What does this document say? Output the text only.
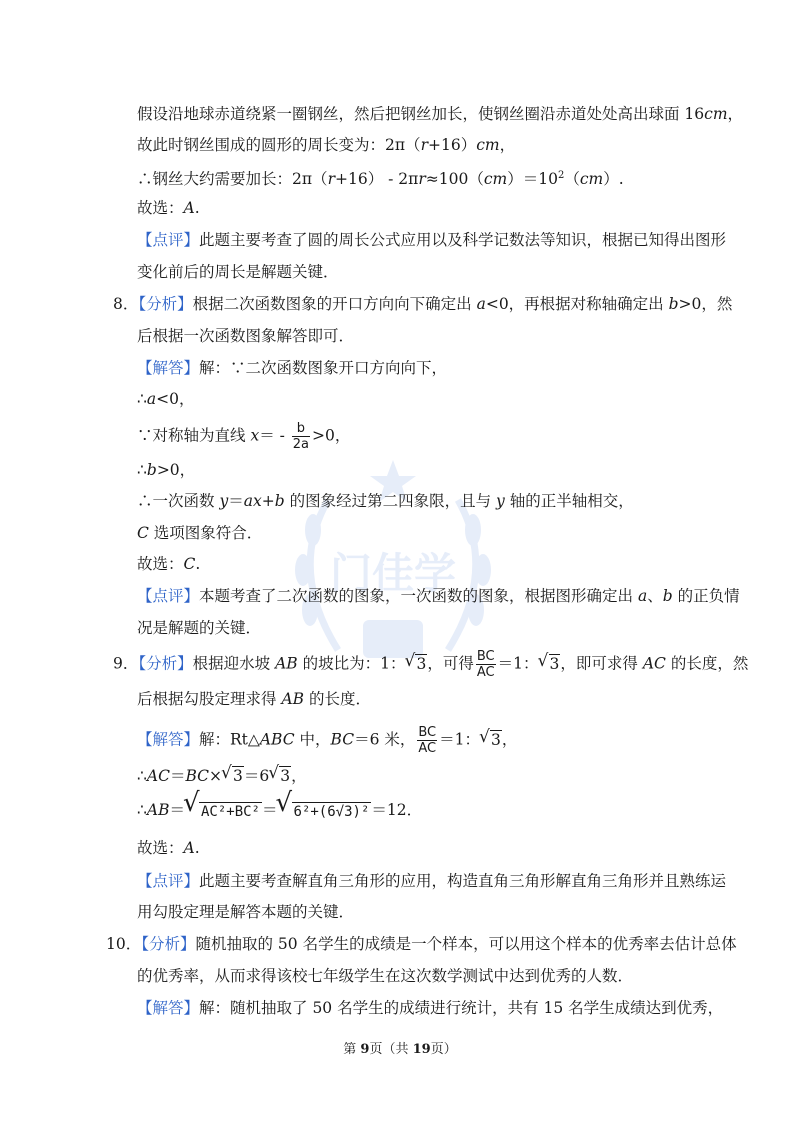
门佳学
假设沿地球赤道绕紧一圈钢丝，然后把钢丝加长，使钢丝圈沿赤道处处高出球面 16cm，
故此时钢丝围成的圆形的周长变为：2π（r+16）cm，
∴钢丝大约需要加长：$2\pi(r+16) - 2\pi r\approx 100(cm)=10^2(cm)$.
故选：A.
【点评】此题主要考查了圆的周长公式应用以及科学记数法等知识，根据已知得出图形
变化前后的周长是解题关键．
8．【分析】根据二次函数图象的开口方向向下确定出 a<0，再根据对称轴确定出 b>0，然
后根据一次函数图象解答即可．
【解答】解：∵二次函数图象开口方向向下，
∴a<0，
∵对称轴为直线 $x= - \frac{b}{2a} >0$，
∴b>0，
∴一次函数 y＝ax+b 的图象经过第二四象限，且与 y 轴的正半轴相交，
C 选项图象符合．
故选：C.
【点评】本题考查了二次函数的图象，一次函数的图象，根据图形确定出 a、b 的正负情
况是解题的关键．
9．【分析】根据迎水坡 AB 的坡比为：1： √ 3，可得 $\frac{BC}{AC} =1$： √ 3，即可求得 AC 的长度，然
后根据勾股定理求得 AB 的长度．
【解答】解：Rt△ABC 中，BC＝6 米， $\frac{BC}{AC} =1$： √ 3，
∴AC＝BC× √ 3＝6 √ 3，
∴AB＝ √ AC²+BC² ＝ √ 6²+(6√3)² ＝12．
故选：A.
【点评】此题主要考查解直角三角形的应用，构造直角三角形解直角三角形并且熟练运
用勾股定理是解答本题的关键．
10．【分析】随机抽取的 50 名学生的成绩是一个样本，可以用这个样本的优秀率去估计总体
的优秀率，从而求得该校七年级学生在这次数学测试中达到优秀的人数．
【解答】解：随机抽取了 50 名学生的成绩进行统计，共有 15 名学生成绩达到优秀，
第 9页（共 19页）
